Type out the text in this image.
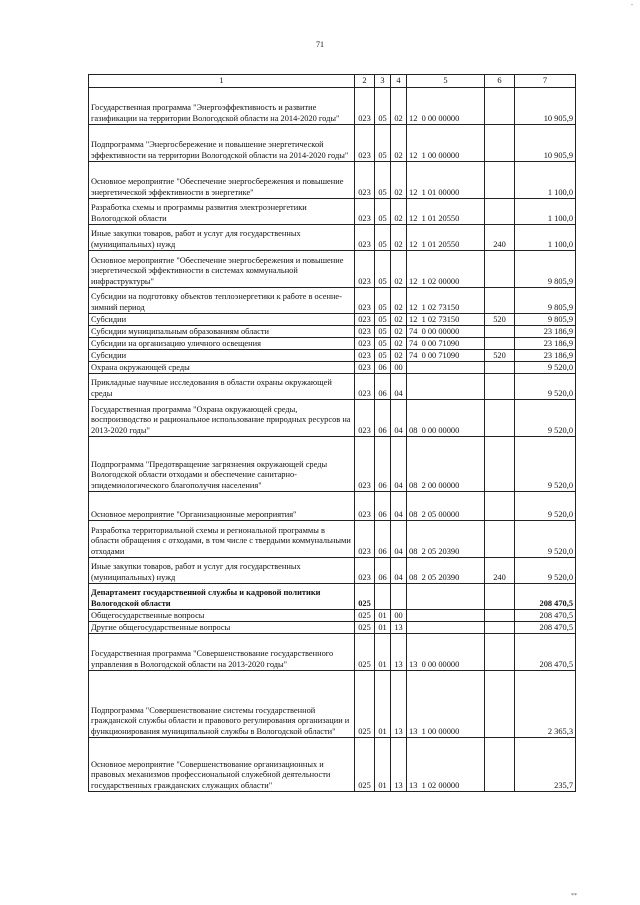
71
-
1	2	3	4	5	6	7
Государственная программа "Энергоэффективность и развитие газификации на территории Вологодской области на 2014-2020 годы"	023	05	02	12  0 00 00000		10 905,9
Подпрограмма "Энергосбережение и повышение энергетической эффективности на территории Вологодской области на 2014-2020 годы"	023	05	02	12  1 00 00000		10 905,9
Основное мероприятие "Обеспечение энергосбережения и повышение энергетической эффективности в энергетике"	023	05	02	12  1 01 00000		1 100,0
Разработка схемы и программы развития электроэнергетики Вологодской области	023	05	02	12  1 01 20550		1 100,0
Иные закупки товаров, работ и услуг для государственных (муниципальных) нужд	023	05	02	12  1 01 20550	240	1 100,0
Основное мероприятие "Обеспечение энергосбережения и повышение энергетической эффективности в системах коммунальной инфраструктуры"	023	05	02	12  1 02 00000		9 805,9
Субсидии на подготовку объектов теплоэнергетики к работе в осенне-зимний период	023	05	02	12  1 02 73150		9 805,9
Субсидии	023	05	02	12  1 02 73150	520	9 805,9
Субсидии муниципальным образованиям области	023	05	02	74  0 00 00000		23 186,9
Субсидии на организацию уличного освещения	023	05	02	74  0 00 71090		23 186,9
Субсидии	023	05	02	74  0 00 71090	520	23 186,9
Охрана окружающей среды	023	06	00			9 520,0
Прикладные научные исследования в области охраны окружающей среды	023	06	04			9 520,0
Государственная программа "Охрана окружающей среды, воспроизводство и рациональное использование природных ресурсов на 2013-2020 годы"	023	06	04	08  0 00 00000		9 520,0
Подпрограмма "Предотвращение загрязнения окружающей среды Вологодской области отходами и обеспечение санитарно-эпидемиологического благополучия населения"	023	06	04	08  2 00 00000		9 520,0
Основное мероприятие "Организационные мероприятия"	023	06	04	08  2 05 00000		9 520,0
Разработка территориальной схемы и региональной программы в области обращения с отходами, в том числе с твердыми коммунальными отходами	023	06	04	08  2 05 20390		9 520,0
Иные закупки товаров, работ и услуг для государственных (муниципальных) нужд	023	06	04	08  2 05 20390	240	9 520,0
Департамент государственной службы и кадровой политики Вологодской области	025					208 470,5
Общегосударственные вопросы	025	01	00			208 470,5
Другие общегосударственные вопросы	025	01	13			208 470,5
Государственная программа "Совершенствование государственного управления в Вологодской области на 2013-2020 годы"	025	01	13	13  0 00 00000		208 470,5
Подпрограмма "Совершенствование системы государственной гражданской службы области и правового регулирования организации и функционирования муниципальной службы в Вологодской области"	025	01	13	13  1 00 00000		2 365,3
Основное мероприятие "Совершенствование организационных и правовых механизмов профессиональной служебной деятельности государственных гражданских служащих области"	025	01	13	13  1 02 00000		235,7
**
